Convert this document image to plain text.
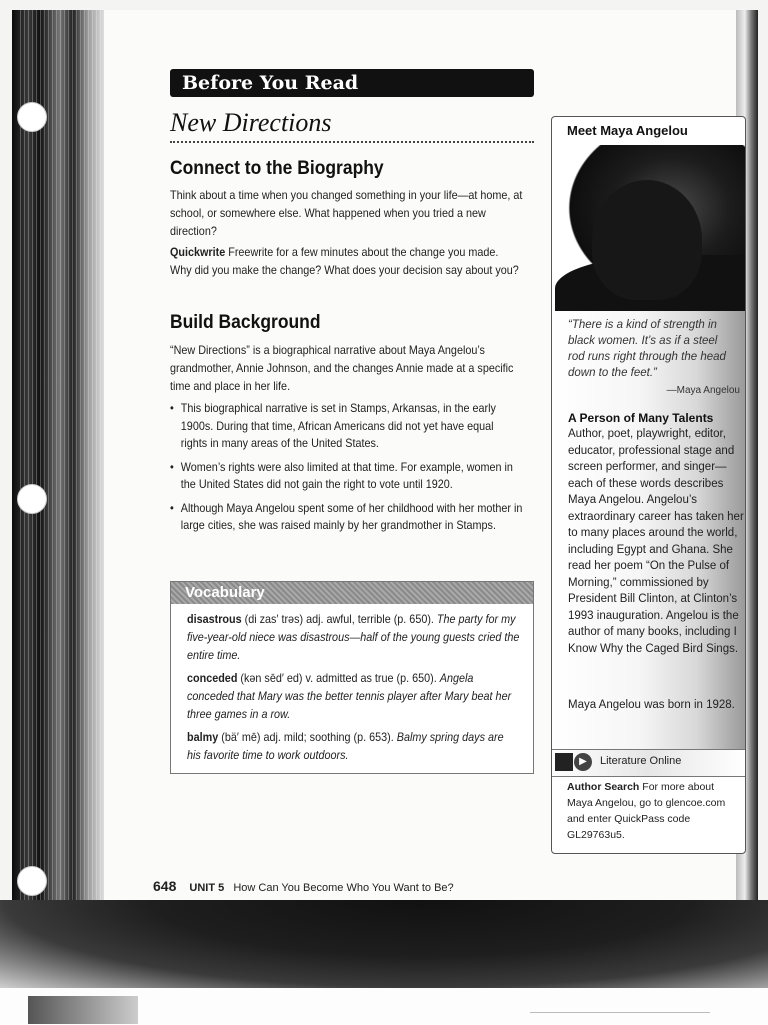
Before You Read
New Directions
Connect to the Biography
Think about a time when you changed something in your life—at home, at school, or somewhere else. What happened when you tried a new direction?
Quickwrite Freewrite for a few minutes about the change you made. Why did you make the change? What does your decision say about you?
Build Background
“New Directions” is a biographical narrative about Maya Angelou’s grandmother, Annie Johnson, and the changes Annie made at a specific time and place in her life.
• This biographical narrative is set in Stamps, Arkansas, in the early 1900s. During that time, African Americans did not yet have equal rights in many areas of the United States.
• Women’s rights were also limited at that time. For example, women in the United States did not gain the right to vote until 1920.
• Although Maya Angelou spent some of her childhood with her mother in large cities, she was raised mainly by her grandmother in Stamps.
Vocabulary
disastrous (di zas′ trəs) adj. awful, terrible (p. 650). The party for my five-year-old niece was disastrous—half of the young guests cried the entire time.
conceded (kən sēd′ ed) v. admitted as true (p. 650). Angela conceded that Mary was the better tennis player after Mary beat her three games in a row.
balmy (bä′ mē) adj. mild; soothing (p. 653). Balmy spring days are his favorite time to work outdoors.
648 UNIT 5 How Can You Become Who You Want to Be?
Meet Maya Angelou
“There is a kind of strength in black women. It’s as if a steel rod runs right through the head down to the feet.”
—Maya Angelou
A Person of Many Talents
Author, poet, playwright, editor, educator, professional stage and screen performer, and singer—each of these words describes Maya Angelou. Angelou’s extraordinary career has taken her to many places around the world, including Egypt and Ghana. She read her poem “On the Pulse of Morning,” commissioned by President Bill Clinton, at Clinton’s 1993 inauguration. Angelou is the author of many books, including I Know Why the Caged Bird Sings.
Maya Angelou was born in 1928.
▶	Literature Online
Author Search For more about Maya Angelou, go to glencoe.com and enter QuickPass code GL29763u5.
